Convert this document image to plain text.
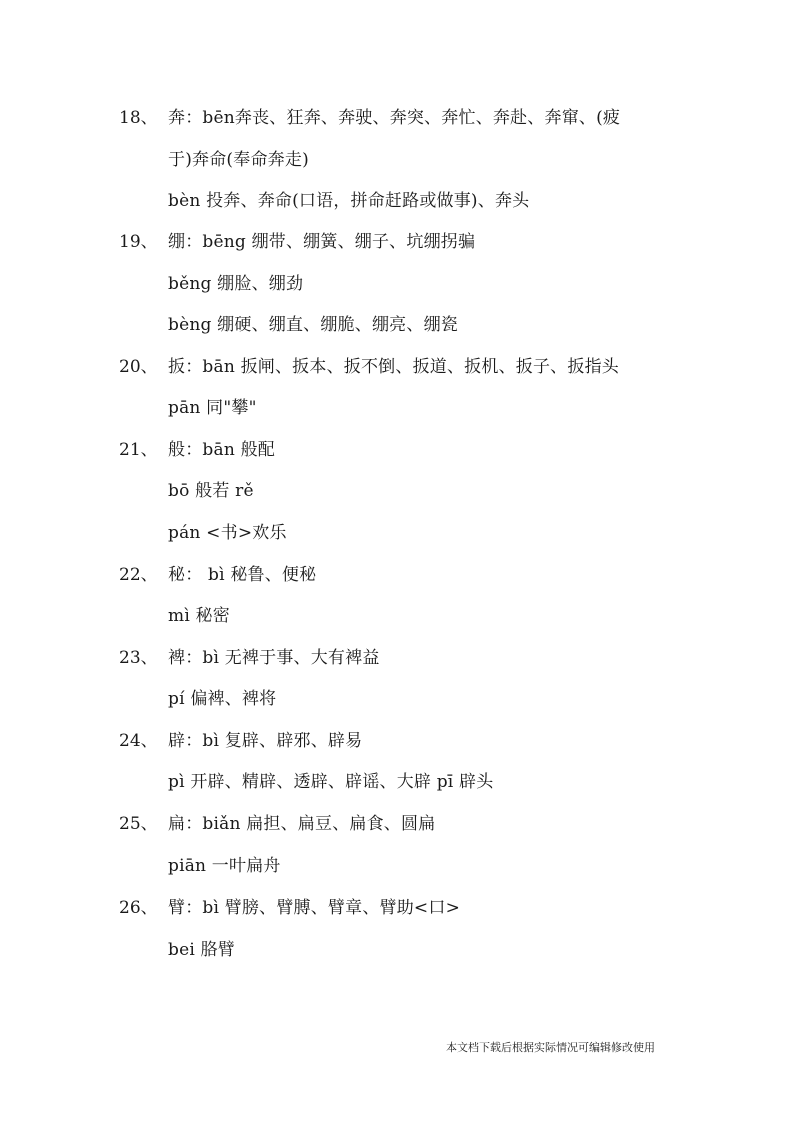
18、 奔：bēn奔丧、狂奔、奔驶、奔突、奔忙、奔赴、奔窜、(疲
于)奔命(奉命奔走)
bèn 投奔、奔命(口语，拼命赶路或做事)、奔头
19、 绷：bēng 绷带、绷簧、绷子、坑绷拐骗
běng 绷脸、绷劲
bèng 绷硬、绷直、绷脆、绷亮、绷瓷
20、 扳：bān 扳闸、扳本、扳不倒、扳道、扳机、扳子、扳指头
pān 同"攀"
21、 般：bān 般配
bō 般若 rě
pán <书>欢乐
22、 秘： bì 秘鲁、便秘
mì 秘密
23、 裨：bì 无裨于事、大有裨益
pí 偏裨、裨将
24、 辟：bì 复辟、辟邪、辟易
pì 开辟、精辟、透辟、辟谣、大辟 pī 辟头
25、 扁：biǎn 扁担、扁豆、扁食、圆扁
piān 一叶扁舟
26、 臂：bì 臂膀、臂膊、臂章、臂助<口>
bei 胳臂
本文档下载后根据实际情况可编辑修改使用
